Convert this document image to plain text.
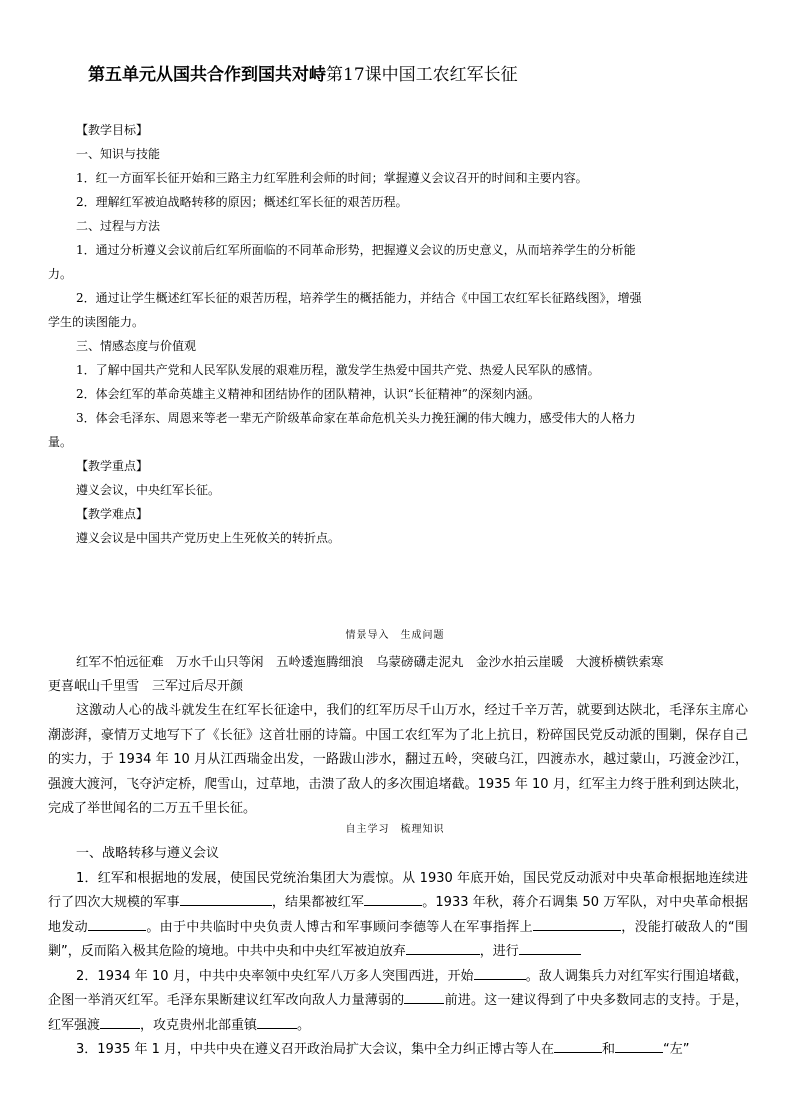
第五单元从国共合作到国共对峙第17课中国工农红军长征

【教学目标】

一、知识与技能

1．红一方面军长征开始和三路主力红军胜利会师的时间；掌握遵义会议召开的时间和主要内容。

2．理解红军被迫战略转移的原因；概述红军长征的艰苦历程。

二、过程与方法

1．通过分析遵义会议前后红军所面临的不同革命形势，把握遵义会议的历史意义，从而培养学生的分析能

力。

2．通过让学生概述红军长征的艰苦历程，培养学生的概括能力，并结合《中国工农红军长征路线图》，增强

学生的读图能力。

三、情感态度与价值观

1．了解中国共产党和人民军队发展的艰难历程，激发学生热爱中国共产党、热爱人民军队的感情。

2．体会红军的革命英雄主义精神和团结协作的团队精神，认识“长征精神”的深刻内涵。

3．体会毛泽东、周恩来等老一辈无产阶级革命家在革命危机关头力挽狂澜的伟大魄力，感受伟大的人格力

量。

【教学重点】

遵义会议，中央红军长征。

【教学难点】

遵义会议是中国共产党历史上生死攸关的转折点。

情景导入　生成问题

红军不怕远征难　万水千山只等闲　五岭逶迤腾细浪　乌蒙磅礴走泥丸　金沙水拍云崖暖　大渡桥横铁索寒

更喜岷山千里雪　三军过后尽开颜

这激动人心的战斗就发生在红军长征途中，我们的红军历尽千山万水，经过千辛万苦，就要到达陕北，毛泽东主席心潮澎湃，豪情万丈地写下了《长征》这首壮丽的诗篇。中国工农红军为了北上抗日，粉碎国民党反动派的围剿，保存自己的实力，于 1934 年 10 月从江西瑞金出发，一路跋山涉水，翻过五岭，突破乌江，四渡赤水，越过蒙山，巧渡金沙江，强渡大渡河，飞夺泸定桥，爬雪山，过草地，击溃了敌人的多次围追堵截。1935 年 10 月，红军主力终于胜利到达陕北，完成了举世闻名的二万五千里长征。

自主学习　梳理知识

一、战略转移与遵义会议

1．红军和根据地的发展，使国民党统治集团大为震惊。从 1930 年底开始，国民党反动派对中央革命根据地连续进行了四次大规模的军事	，结果都被红军	。1933 年秋，蒋介石调集 50 万军队，对中央革命根据地发动	。由于中共临时中央负责人博古和军事顾问李德等人在军事指挥上	，没能打破敌人的“围剿”，反而陷入极其危险的境地。中共中央和中央红军被迫放弃	，进行

2．1934 年 10 月，中共中央率领中央红军八万多人突围西进，开始	。敌人调集兵力对红军实行围追堵截，企图一举消灭红军。毛泽东果断建议红军改向敌人力量薄弱的	前进。这一建议得到了中央多数同志的支持。于是，红军强渡	，攻克贵州北部重镇	。

3．1935 年 1 月，中共中央在遵义召开政治局扩大会议，集中全力纠正博古等人在	和	“左”
